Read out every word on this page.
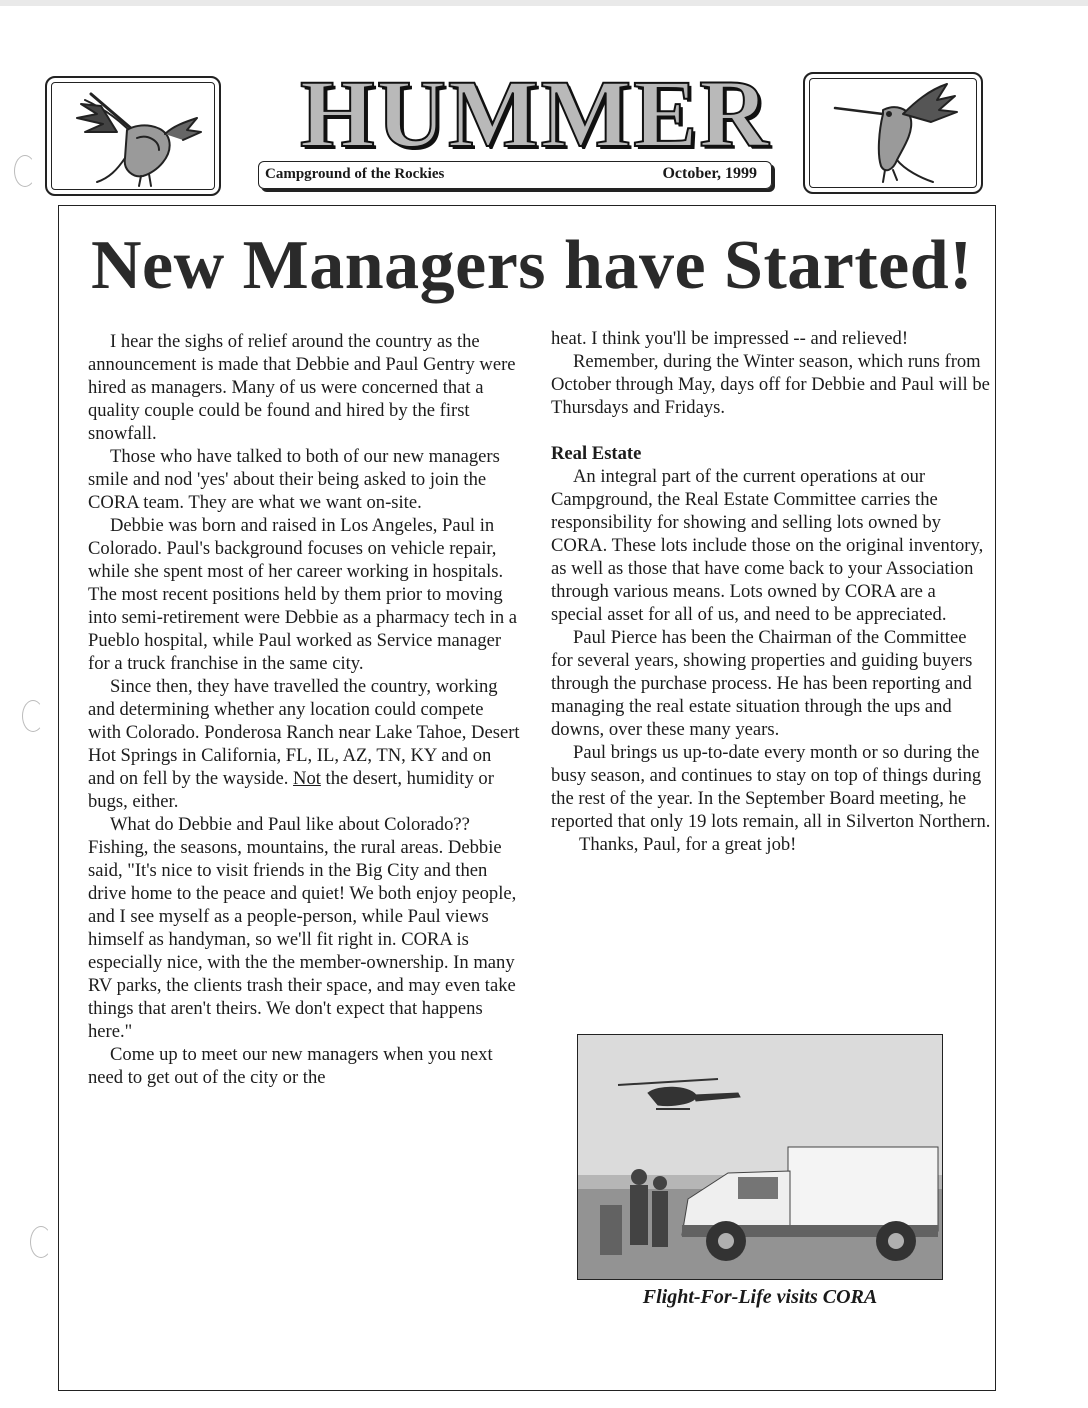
HUMMER
Campground of the Rockies	October, 1999
New Managers have Started!

I hear the sighs of relief around the country as the announcement is made that Debbie and Paul Gentry were hired as managers. Many of us were concerned that a quality couple could be found and hired by the first snowfall.

Those who have talked to both of our new managers smile and nod 'yes' about their being asked to join the CORA team. They are what we want on-site.

Debbie was born and raised in Los Angeles, Paul in Colorado. Paul's background focuses on vehicle repair, while she spent most of her career working in hospitals. The most recent positions held by them prior to moving into semi-retirement were Debbie as a pharmacy tech in a Pueblo hospital, while Paul worked as Service manager for a truck franchise in the same city.

Since then, they have travelled the country, working and determining whether any location could compete with Colorado. Ponderosa Ranch near Lake Tahoe, Desert Hot Springs in California, FL, IL, AZ, TN, KY and on and on fell by the wayside. Not the desert, humidity or bugs, either.

What do Debbie and Paul like about Colorado?? Fishing, the seasons, mountains, the rural areas. Debbie said, "It's nice to visit friends in the Big City and then drive home to the peace and quiet! We both enjoy people, and I see myself as a people-person, while Paul views himself as handyman, so we'll fit right in. CORA is especially nice, with the the member-ownership. In many RV parks, the clients trash their space, and may even take things that aren't theirs. We don't expect that happens here."

Come up to meet our new managers when you next need to get out of the city or the

heat. I think you'll be impressed -- and relieved!

Remember, during the Winter season, which runs from October through May, days off for Debbie and Paul will be Thursdays and Fridays.

Real Estate

An integral part of the current operations at our Campground, the Real Estate Committee carries the responsibility for showing and selling lots owned by CORA. These lots include those on the original inventory, as well as those that have come back to your Association through various means. Lots owned by CORA are a special asset for all of us, and need to be appreciated.

Paul Pierce has been the Chairman of the Committee for several years, showing properties and guiding buyers through the purchase process. He has been reporting and managing the real estate situation through the ups and downs, over these many years.

Paul brings us up-to-date every month or so during the busy season, and continues to stay on top of things during the rest of the year. In the September Board meeting, he reported that only 19 lots remain, all in Silverton Northern.

Thanks, Paul, for a great job!

Flight-For-Life visits CORA
